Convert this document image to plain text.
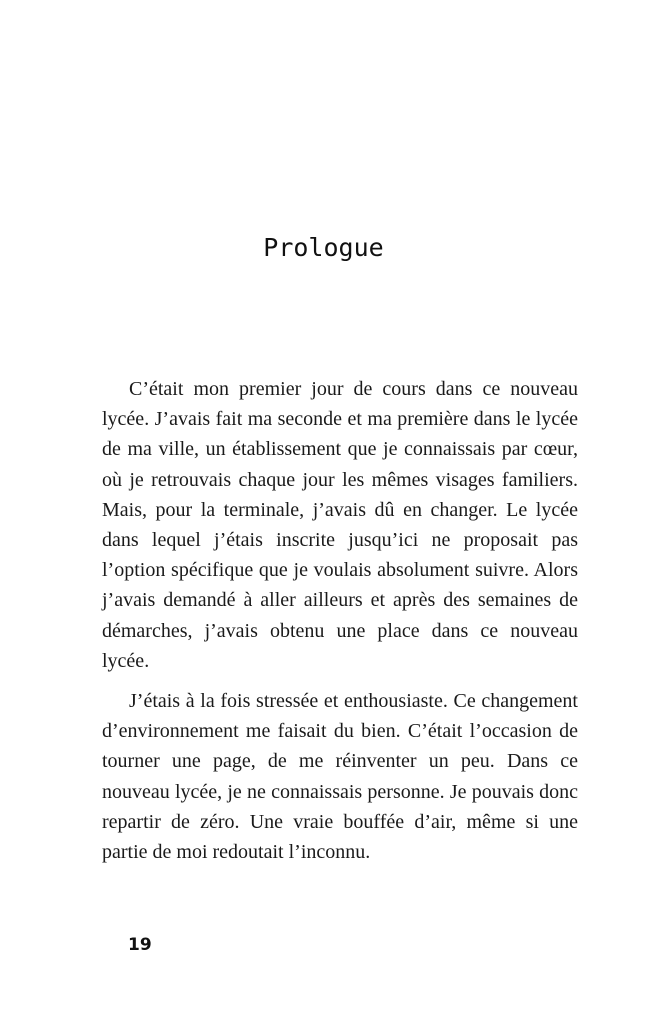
Prologue

C’était mon premier jour de cours dans ce nouveau lycée. J’avais fait ma seconde et ma première dans le lycée de ma ville, un établissement que je connaissais par cœur, où je retrouvais chaque jour les mêmes visages familiers. Mais, pour la terminale, j’avais dû en changer. Le lycée dans lequel j’étais inscrite jusqu’ici ne proposait pas l’option spécifique que je voulais absolument suivre. Alors j’avais demandé à aller ailleurs et après des semaines de démarches, j’avais obtenu une place dans ce nouveau lycée.

J’étais à la fois stressée et enthousiaste. Ce changement d’environnement me faisait du bien. C’était l’occasion de tourner une page, de me réinventer un peu. Dans ce nouveau lycée, je ne connaissais personne. Je pouvais donc repartir de zéro. Une vraie bouffée d’air, même si une partie de moi redoutait l’inconnu.

19
